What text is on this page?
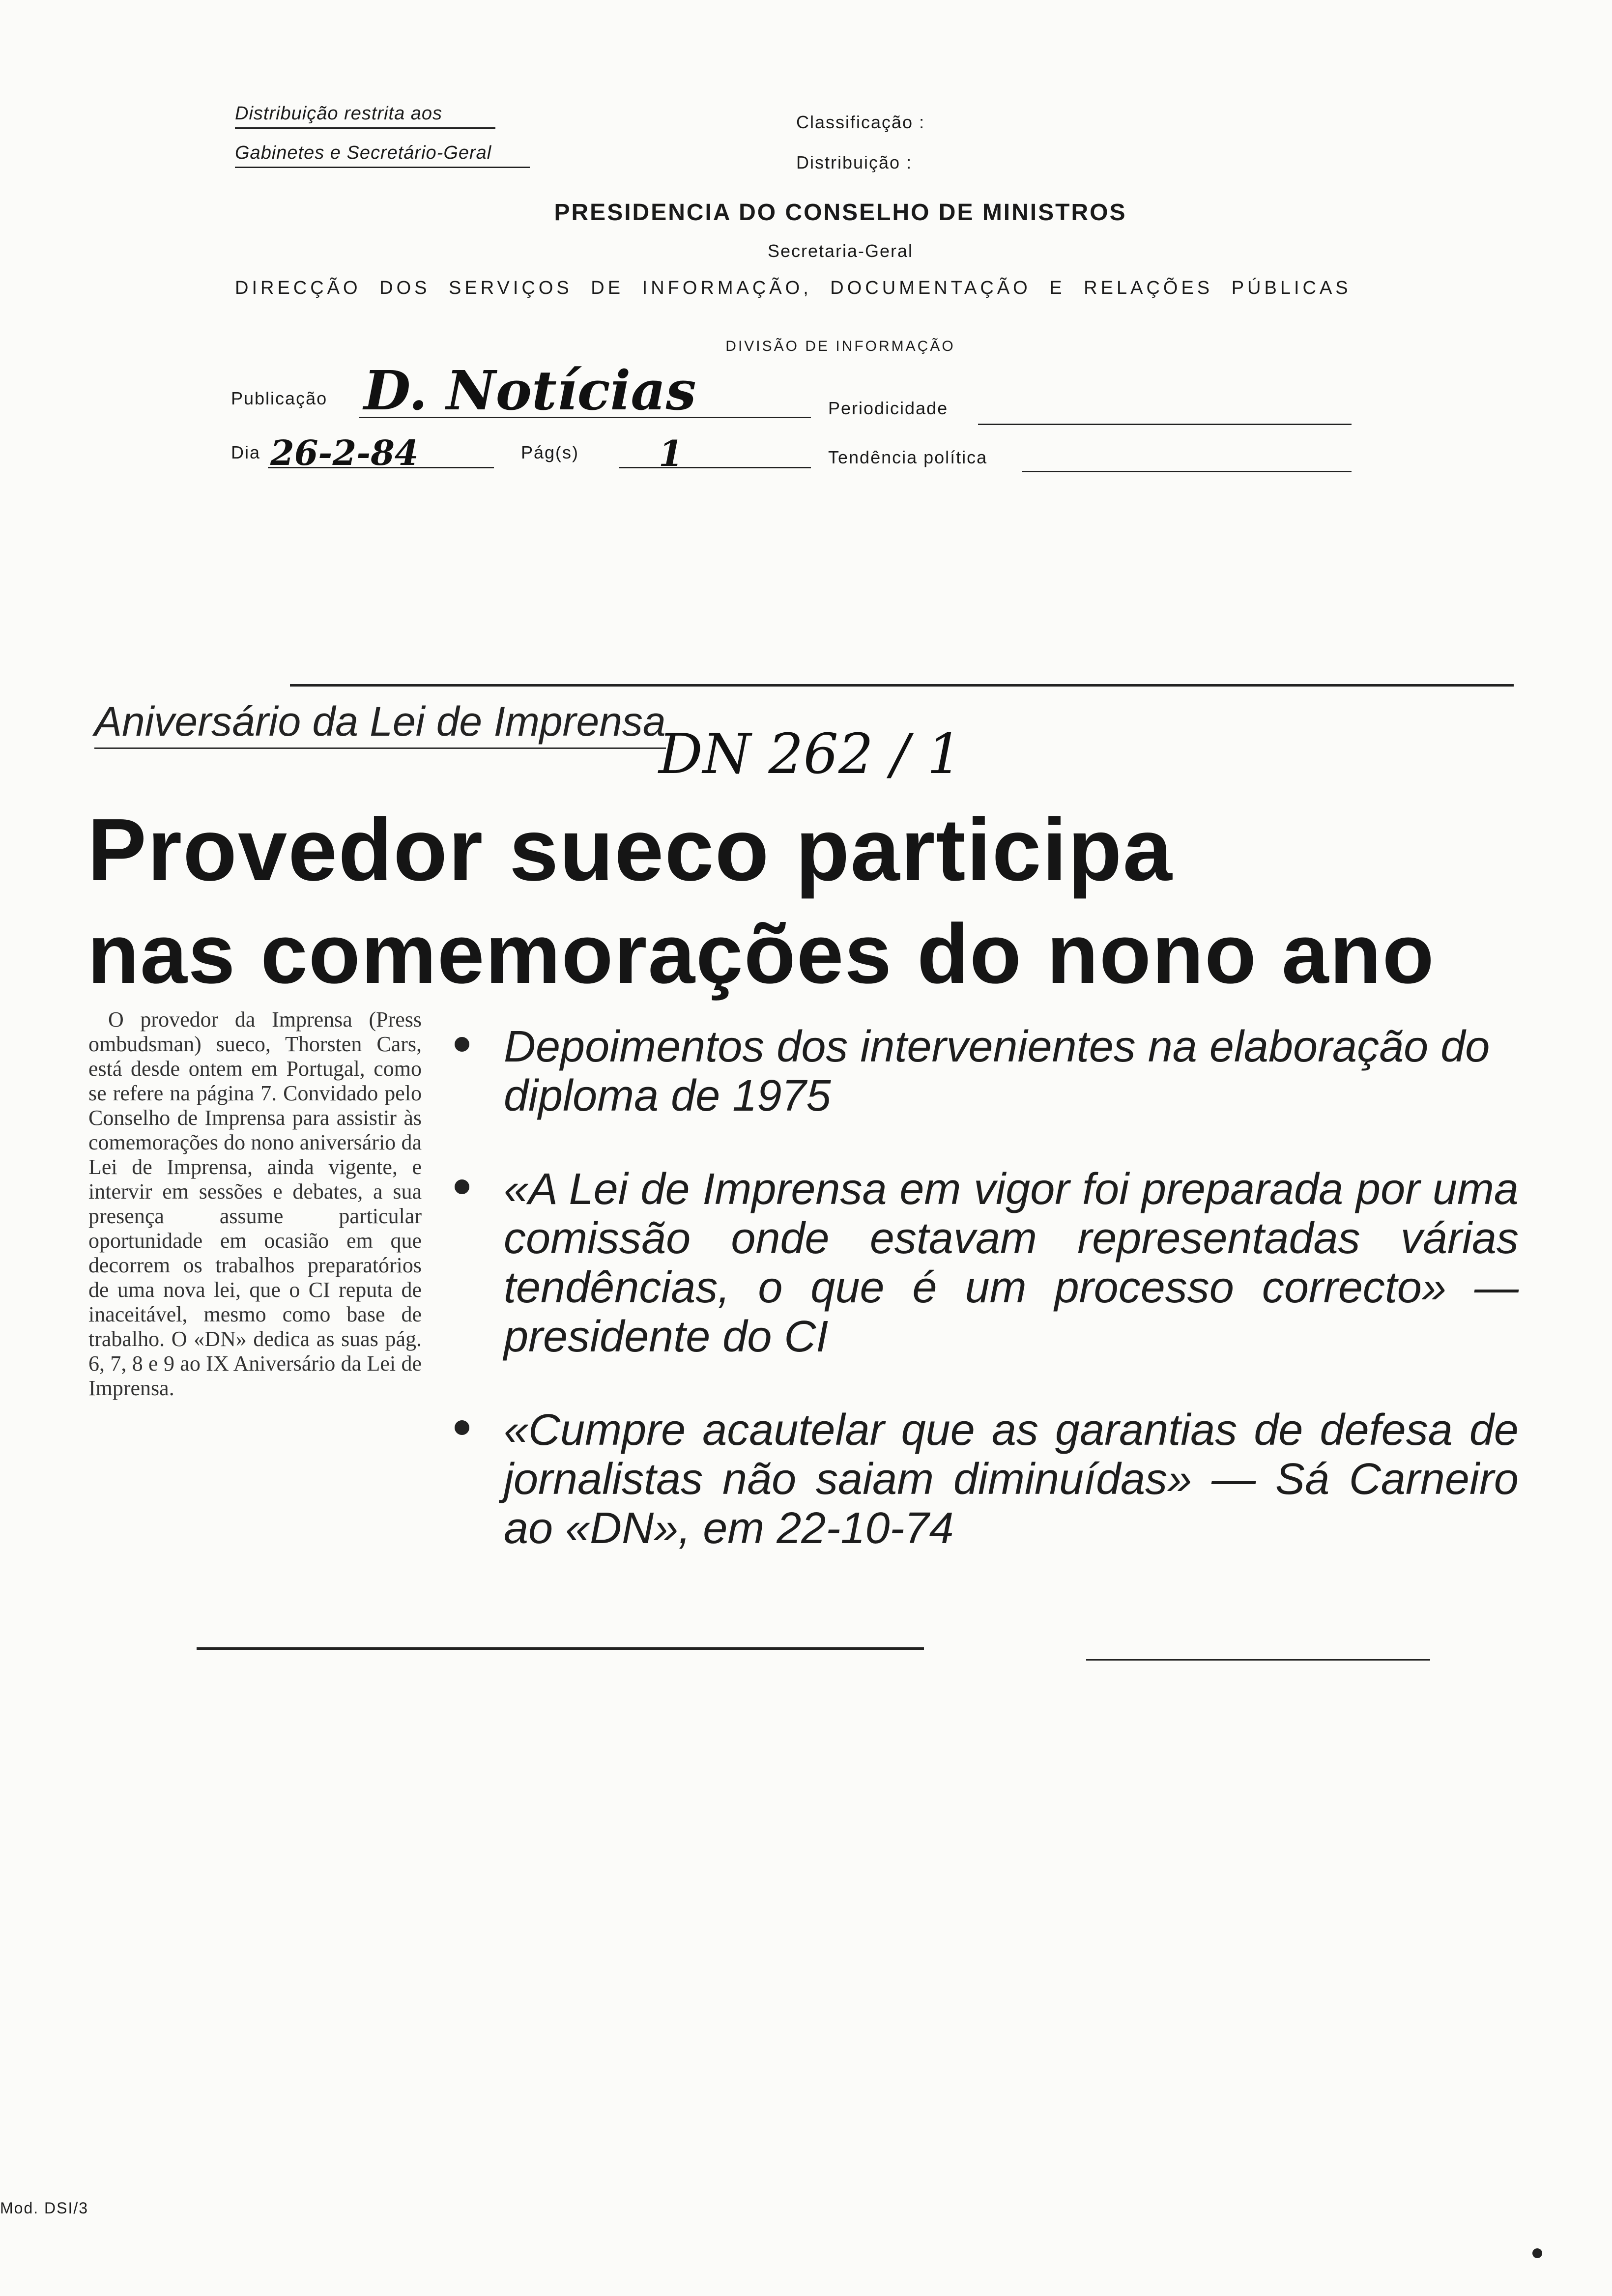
Distribuição restrita aos
Gabinetes e Secretário-Geral
Classificação :
Distribuição :
PRESIDENCIA DO CONSELHO DE MINISTROS
Secretaria-Geral
DIRECÇÃO DOS SERVIÇOS DE INFORMAÇÃO, DOCUMENTAÇÃO E RELAÇÕES PÚBLICAS
DIVISÃO DE INFORMAÇÃO
Publicação D. Notícias	Periodicidade
Dia 26-2-84	Pág(s) 1	Tendência política
Aniversário da Lei de Imprensa
DN 262 / 1
Provedor sueco participa
nas comemorações do nono ano
O provedor da Imprensa (Press ombudsman) sueco, Thorsten Cars, está desde ontem em Portugal, como se refere na página 7. Convidado pelo Conselho de Imprensa para assistir às comemorações do nono aniversário da Lei de Imprensa, ainda vigente, e intervir em sessões e debates, a sua presença assume particular oportunidade em ocasião em que decorrem os trabalhos preparatórios de uma nova lei, que o CI reputa de inaceitável, mesmo como base de trabalho. O «DN» dedica as suas pág. 6, 7, 8 e 9 ao IX Aniversário da Lei de Imprensa.
Depoimentos dos intervenientes na elaboração do diploma de 1975
«A Lei de Imprensa em vigor foi preparada por uma comissão onde estavam representadas várias tendências, o que é um processo correcto» — presidente do CI
«Cumpre acautelar que as garantias de defesa de jornalistas não saiam diminuídas» — Sá Carneiro ao «DN», em 22-10-74
Mod. DSI/3
